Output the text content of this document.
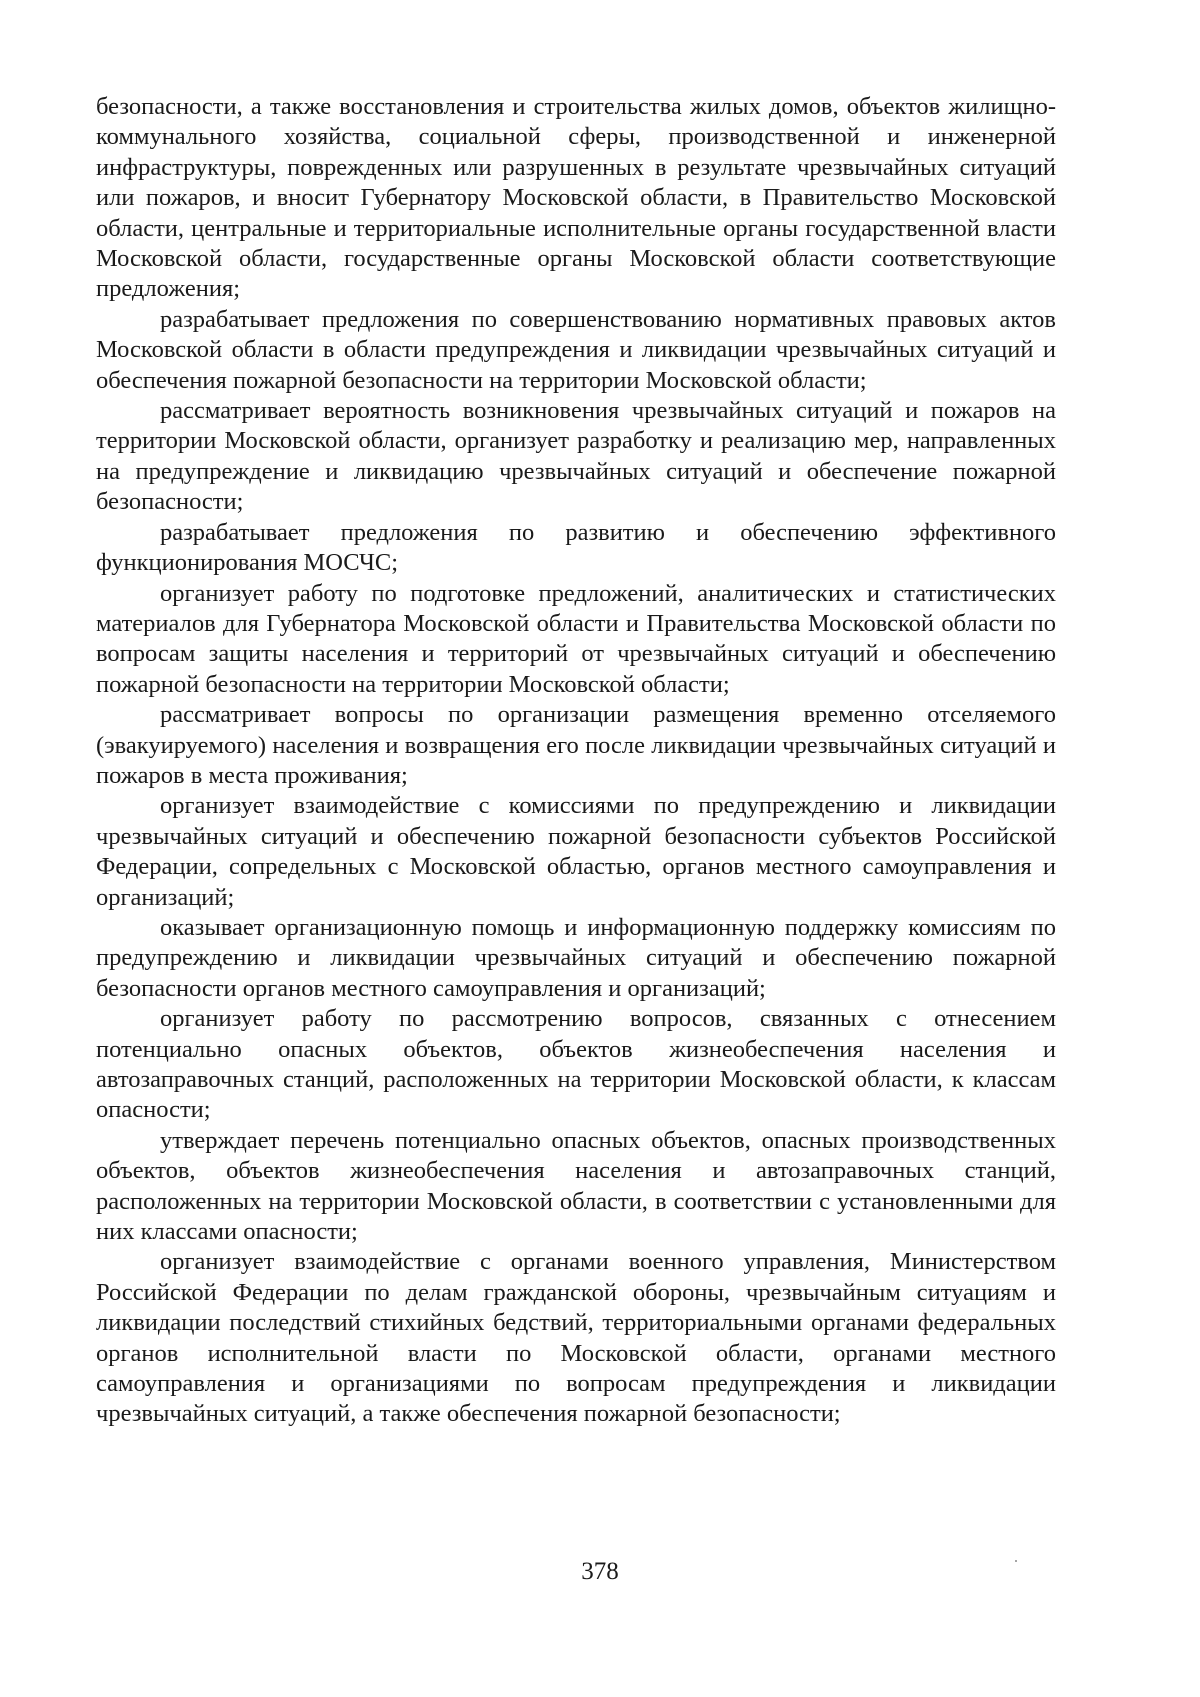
безопасности, а также восстановления и строительства жилых домов, объектов жилищно-коммунального хозяйства, социальной сферы, производственной и инженерной инфраструктуры, поврежденных или разрушенных в результате чрезвычайных ситуаций или пожаров, и вносит Губернатору Московской области, в Правительство Московской области, центральные и территориальные исполнительные органы государственной власти Московской области, государственные органы Московской области соответствующие предложения;

разрабатывает предложения по совершенствованию нормативных правовых актов Московской области в области предупреждения и ликвидации чрезвычайных ситуаций и обеспечения пожарной безопасности на территории Московской области;

рассматривает вероятность возникновения чрезвычайных ситуаций и пожаров на территории Московской области, организует разработку и реализацию мер, направленных на предупреждение и ликвидацию чрезвычайных ситуаций и обеспечение пожарной безопасности;

разрабатывает предложения по развитию и обеспечению эффективного функционирования МОСЧС;

организует работу по подготовке предложений, аналитических и статистических материалов для Губернатора Московской области и Правительства Московской области по вопросам защиты населения и территорий от чрезвычайных ситуаций и обеспечению пожарной безопасности на территории Московской области;

рассматривает вопросы по организации размещения временно отселяемого (эвакуируемого) населения и возвращения его после ликвидации чрезвычайных ситуаций и пожаров в места проживания;

организует взаимодействие с комиссиями по предупреждению и ликвидации чрезвычайных ситуаций и обеспечению пожарной безопасности субъектов Российской Федерации, сопредельных с Московской областью, органов местного самоуправления и организаций;

оказывает организационную помощь и информационную поддержку комиссиям по предупреждению и ликвидации чрезвычайных ситуаций и обеспечению пожарной безопасности органов местного самоуправления и организаций;

организует работу по рассмотрению вопросов, связанных с отнесением потенциально опасных объектов, объектов жизнеобеспечения населения и автозаправочных станций, расположенных на территории Московской области, к классам опасности;

утверждает перечень потенциально опасных объектов, опасных производственных объектов, объектов жизнеобеспечения населения и автозаправочных станций, расположенных на территории Московской области, в соответствии с установленными для них классами опасности;

организует взаимодействие с органами военного управления, Министерством Российской Федерации по делам гражданской обороны, чрезвычайным ситуациям и ликвидации последствий стихийных бедствий, территориальными органами федеральных органов исполнительной власти по Московской области, органами местного самоуправления и организациями по вопросам предупреждения и ликвидации чрезвычайных ситуаций, а также обеспечения пожарной безопасности;

378
